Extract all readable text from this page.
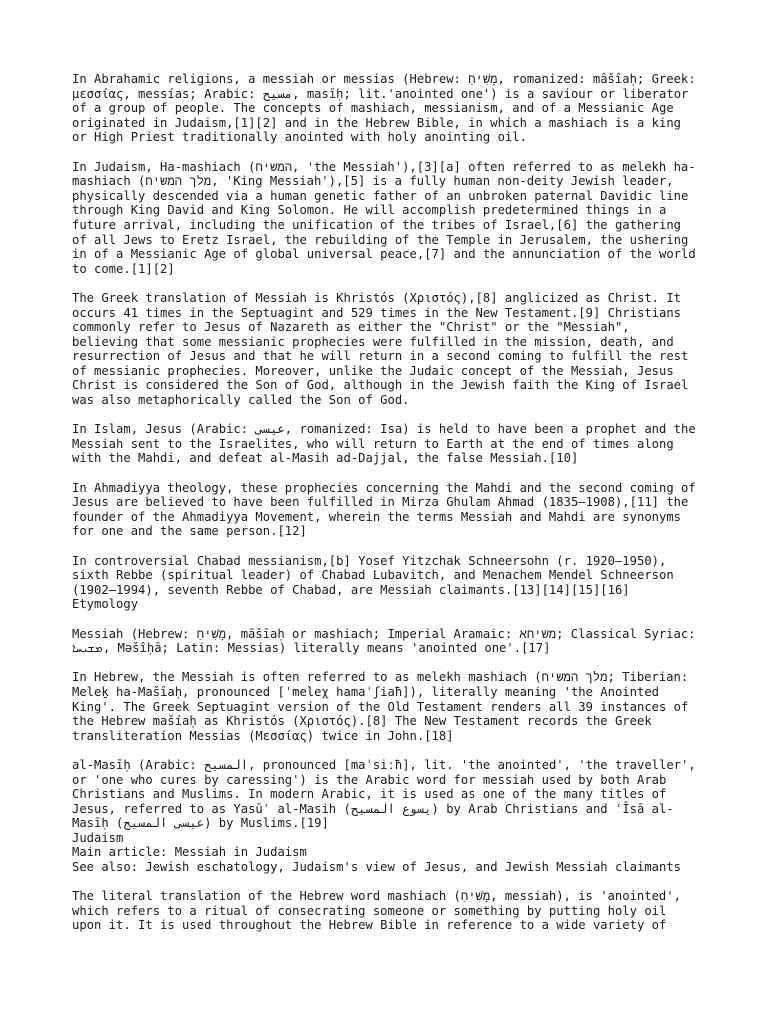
In Abrahamic religions, a messiah or messias (Hebrew: מָשִׁיחַ, romanized: mâšîaḥ; Greek: μεσσίας, messías; Arabic: مسيح, masīḥ; lit.'anointed one') is a saviour or liberator of a group of people. The concepts of mashiach, messianism, and of a Messianic Age originated in Judaism,[1][2] and in the Hebrew Bible, in which a mashiach is a king or High Priest traditionally anointed with holy anointing oil.

In Judaism, Ha-mashiach (המשיח, 'the Messiah'),[3][a] often referred to as melekh ha-mashiach (מלך המשיח, 'King Messiah'),[5] is a fully human non-deity Jewish leader, physically descended via a human genetic father of an unbroken paternal Davidic line through King David and King Solomon. He will accomplish predetermined things in a future arrival, including the unification of the tribes of Israel,[6] the gathering of all Jews to Eretz Israel, the rebuilding of the Temple in Jerusalem, the ushering in of a Messianic Age of global universal peace,[7] and the annunciation of the world to come.[1][2]

The Greek translation of Messiah is Khristós (Χριστός),[8] anglicized as Christ. It occurs 41 times in the Septuagint and 529 times in the New Testament.[9] Christians commonly refer to Jesus of Nazareth as either the "Christ" or the "Messiah", believing that some messianic prophecies were fulfilled in the mission, death, and resurrection of Jesus and that he will return in a second coming to fulfill the rest of messianic prophecies. Moreover, unlike the Judaic concept of the Messiah, Jesus Christ is considered the Son of God, although in the Jewish faith the King of Israel was also metaphorically called the Son of God.

In Islam, Jesus (Arabic: عيسى, romanized: Isa) is held to have been a prophet and the Messiah sent to the Israelites, who will return to Earth at the end of times along with the Mahdi, and defeat al-Masih ad-Dajjal, the false Messiah.[10]

In Ahmadiyya theology, these prophecies concerning the Mahdi and the second coming of Jesus are believed to have been fulfilled in Mirza Ghulam Ahmad (1835–1908),[11] the founder of the Ahmadiyya Movement, wherein the terms Messiah and Mahdi are synonyms for one and the same person.[12]

In controversial Chabad messianism,[b] Yosef Yitzchak Schneersohn (r. 1920–1950), sixth Rebbe (spiritual leader) of Chabad Lubavitch, and Menachem Mendel Schneerson (1902–1994), seventh Rebbe of Chabad, are Messiah claimants.[13][14][15][16]
Etymology

Messiah (Hebrew: מָשִׁיחַ, māšīaḥ or mashiach; Imperial Aramaic: משיחא; Classical Syriac: ܡܫܝܚܐ, Məšîḥā; Latin: Messias) literally means 'anointed one'.[17]

In Hebrew, the Messiah is often referred to as melekh mashiach (מלך המשיח; Tiberian: Meleḵ ha-Mašīaḥ, pronounced [ˈmeleχ hamaˈʃiaħ]), literally meaning 'the Anointed King'. The Greek Septuagint version of the Old Testament renders all 39 instances of the Hebrew mašíaḥ as Khristós (Χριστός).[8] The New Testament records the Greek transliteration Messias (Μεσσίας) twice in John.[18]

al-Masīḥ (Arabic: المسيح, pronounced [maˈsiːħ], lit. 'the anointed', 'the traveller', or 'one who cures by caressing') is the Arabic word for messiah used by both Arab Christians and Muslims. In modern Arabic, it is used as one of the many titles of Jesus, referred to as Yasūʿ al-Masih (يسوع المسيح) by Arab Christians and ʿĪsā al-Masīḥ (عيسى المسيح) by Muslims.[19]
Judaism
Main article: Messiah in Judaism
See also: Jewish eschatology, Judaism's view of Jesus, and Jewish Messiah claimants

The literal translation of the Hebrew word mashiach (מָשִׁיחַ, messiah), is 'anointed', which refers to a ritual of consecrating someone or something by putting holy oil upon it. It is used throughout the Hebrew Bible in reference to a wide variety of
